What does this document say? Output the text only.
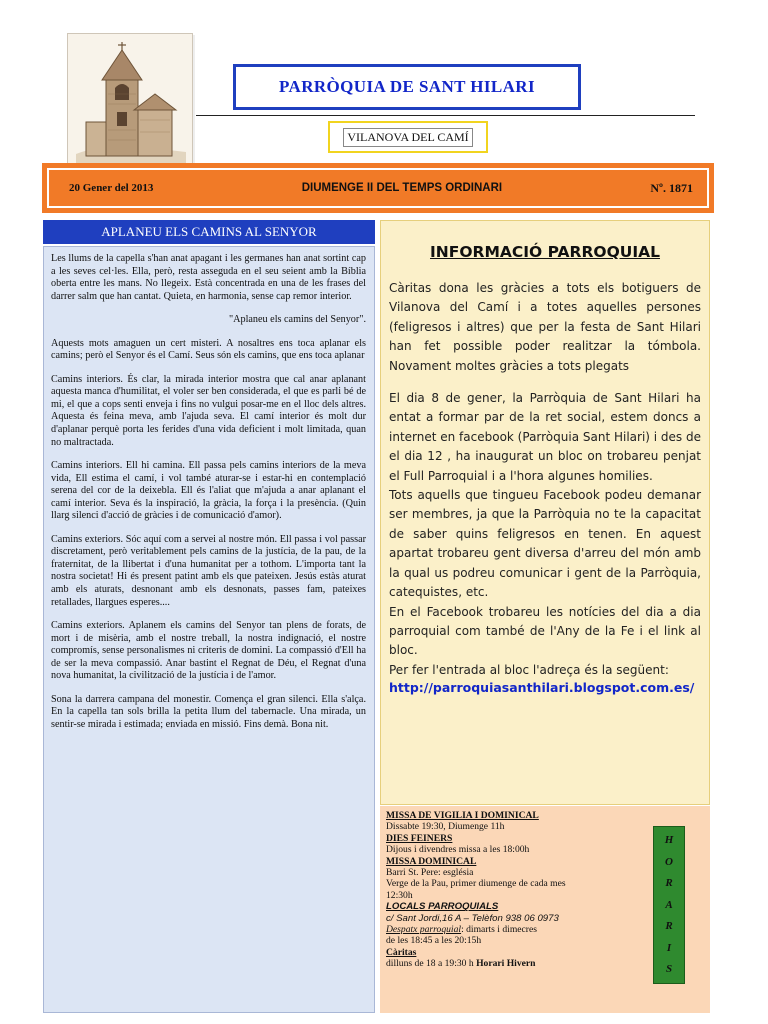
PARRÒQUIA DE SANT HILARI
VILANOVA DEL CAMÍ
20 Gener del 2013	DIUMENGE II DEL TEMPS ORDINARI	Nº. 1871
APLANEU ELS CAMINS AL SENYOR

Les llums de la capella s'han anat apagant i les germanes han anat sortint cap a les seves cel·les. Ella, però, resta asseguda en el seu seient amb la Bíblia oberta entre les mans. No llegeix. Està concentrada en una de les frases del darrer salm que han cantat. Quieta, en harmonia, sense cap remor interior.

"Aplaneu els camins del Senyor".

Aquests mots amaguen un cert misteri. A nosaltres ens toca aplanar els camins; però el Senyor és el Camí. Seus són els camins, que ens toca aplanar

Camins interiors. És clar, la mirada interior mostra que cal anar aplanant aquesta manca d'humilitat, el voler ser ben considerada, el que es parli bé de mi, el que a cops senti enveja i fins no vulgui posar-me en el lloc dels altres. Aquesta és feina meva, amb l'ajuda seva. El camí interior és molt dur d'aplanar perquè porta les ferides d'una vida deficient i molt limitada, quan no maltractada.

Camins interiors. Ell hi camina. Ell passa pels camins interiors de la meva vida, Ell estima el camí, i vol també aturar-se i estar-hi en contemplació serena del cor de la deixebla. Ell és l'aliat que m'ajuda a anar aplanant el camí interior. Seva és la inspiració, la gràcia, la força i la presència. (Quin llarg silenci d'acció de gràcies i de comunicació d'amor).

Camins exteriors. Sóc aquí com a servei al nostre món. Ell passa i vol passar discretament, però veritablement pels camins de la justícia, de la pau, de la fraternitat, de la llibertat i d'una humanitat per a tothom. L'importa tant la nostra societat! Hi és present patint amb els que pateixen. Jesús estàs aturat amb els aturats, desnonant amb els desnonats, passes fam, pateixes retallades, llargues esperes....

Camins exteriors. Aplanem els camins del Senyor tan plens de forats, de mort i de misèria, amb el nostre treball, la nostra indignació, el nostre compromís, sense personalismes ni criteris de domini. La compassió d'Ell ha de ser la meva compassió. Anar bastint el Regnat de Déu, el Regnat d'una nova humanitat, la civilització de la justícia i de l'amor.

Sona la darrera campana del monestir. Comença el gran silenci. Ella s'alça. En la capella tan sols brilla la petita llum del tabernacle. Una mirada, un sentir-se mirada i estimada; enviada en missió. Fins demà. Bona nit.

INFORMACIÓ PARROQUIAL

Càritas dona les gràcies a tots els botiguers de Vilanova del Camí i a totes aquelles persones (feligresos i altres) que per la festa de Sant Hilari han fet possible poder realitzar la tómbola. Novament moltes gràcies a tots plegats

El dia 8 de gener, la Parròquia de Sant Hilari ha entat a formar par de la ret social, estem doncs a internet en facebook (Parròquia Sant Hilari) i des de el dia 12 , ha inaugurat un bloc on trobareu penjat el Full Parroquial i a l'hora algunes homilies.

Tots aquells que tingueu Facebook podeu demanar ser membres, ja que la Parròquia no te la capacitat de saber quins feligresos en tenen. En aquest apartat trobareu gent diversa d'arreu del món amb la qual us podreu comunicar i gent de la Parròquia, catequistes, etc.

En el Facebook trobareu les notícies del dia a dia parroquial com també de l'Any de la Fe i el link al bloc.

Per fer l'entrada al bloc l'adreça és la següent:

http://parroquiasanthilari.blogspot.com.es/
MISSA DE VIGILIA I DOMINICAL
Dissabte 19:30, Diumenge 11h
DIES FEINERS
Dijous i divendres missa a les 18:00h
MISSA DOMINICAL
Barri St. Pere: església
Verge de la Pau, primer diumenge de cada mes
12:30h
LOCALS PARROQUIALS
c/ Sant Jordi,16 A – Telèfon 938 06 0973
Despatx parroquial: dimarts i dimecres
de les 18:45 a les 20:15h
Càritas
dilluns de 18 a 19:30 h Horari Hivern
H
O
R
A
R
I
S
